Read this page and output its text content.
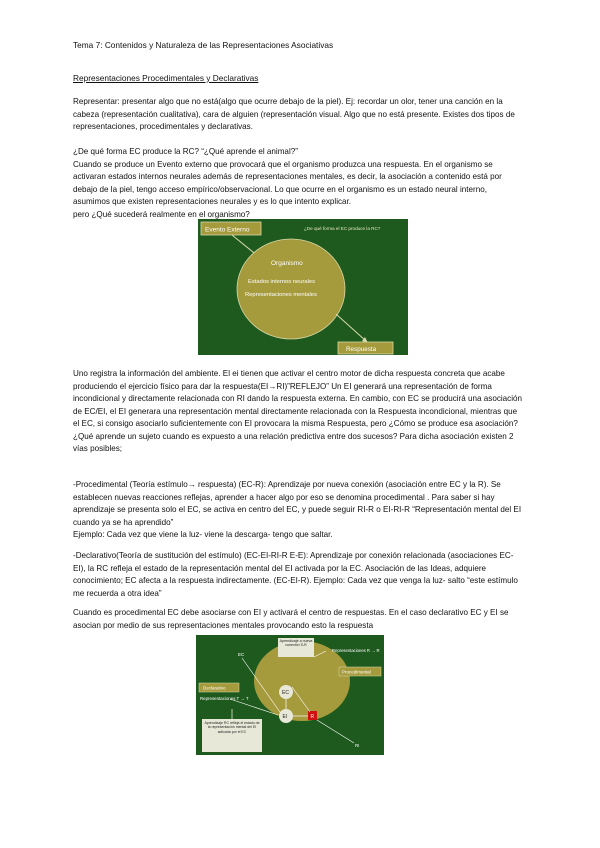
Tema 7: Contenidos y Naturaleza de las Representaciones Asociativas

Representaciones Procedimentales y Declarativas

Representar: presentar algo que no está(algo que ocurre debajo de la piel). Ej: recordar un olor, tener una canción en la cabeza (representación cualitativa), cara de alguien (representación visual. Algo que no está presente. Existes dos tipos de representaciones, procedimentales y declarativas.

¿De qué forma EC produce la RC? “¿Qué aprende el animal?”
Cuando se produce un Evento externo que provocará que el organismo produzca una respuesta. En el organismo se activaran estados internos neurales además de representaciones mentales, es decir, la asociación a contenido está por debajo de la piel, tengo acceso empírico/observacional. Lo que ocurre en el organismo es un estado neural interno, asumimos que existen representaciones neurales y es lo que intento explicar.
pero ¿Qué sucederá realmente en el organismo?

Uno registra la información del ambiente. El ei tienen que activar el centro motor de dicha respuesta concreta que acabe produciendo el ejercicio físico para dar la respuesta(EI→RI)”REFLEJO” Un EI generará una representación de forma incondicional y directamente relacionada con RI dando la respuesta externa. En cambio, con EC se producirá una asociación de EC/EI, el EI generara una representación mental directamente relacionada con la Respuesta incondicional, mientras que el EC, si consigo asociarlo suficientemente con EI provocara la misma Respuesta, pero ¿Cómo se produce esa asociación? ¿Qué aprende un sujeto cuando es expuesto a una relación predictiva entre dos sucesos? Para dicha asociación existen 2 vías posibles;

-Procedimental (Teoría estímulo→ respuesta) (EC-R): Aprendizaje por nueva conexión (asociación entre EC y la R). Se establecen nuevas reacciones reflejas, aprender a hacer algo por eso se denomina procedimental . Para saber si hay aprendizaje se presenta solo el EC, se activa en centro del EC, y puede seguir RI-R o EI-RI-R “Representación mental del EI cuando ya se ha aprendido”
Ejemplo: Cada vez que viene la luz- viene la descarga- tengo que saltar.

-Declarativo(Teoría de sustitución del estímulo) (EC-EI-RI-R E-E): Aprendizaje por conexión relacionada (asociaciones EC-EI), la RC refleja el estado de la representación mental del EI activada por la EC. Asociación de las Ideas, adquiere conocimiento; EC afecta a la respuesta indirectamente. (EC-EI-R). Ejemplo: Cada vez que venga la luz- salto “este estímulo me recuerda a otra idea”

Cuando es procedimental EC debe asociarse con EI y activará el centro de respuestas. En el caso declarativo EC y EI se asocian por medio de sus representaciones mentales provocando esto la respuesta

Evento Externo	¿De qué forma el EC produce la RC?
Organismo
Estados internos neurales
Representaciones mentales
Respuesta
Aprendizaje a nueva conexión S-R
EC
Representaciones R → R
Procedimental
Declarativo
Representaciones T → T
EC
EI	R
RI
Aprendizaje RC refleja el estado de la representación mental del EI activada por el EC
